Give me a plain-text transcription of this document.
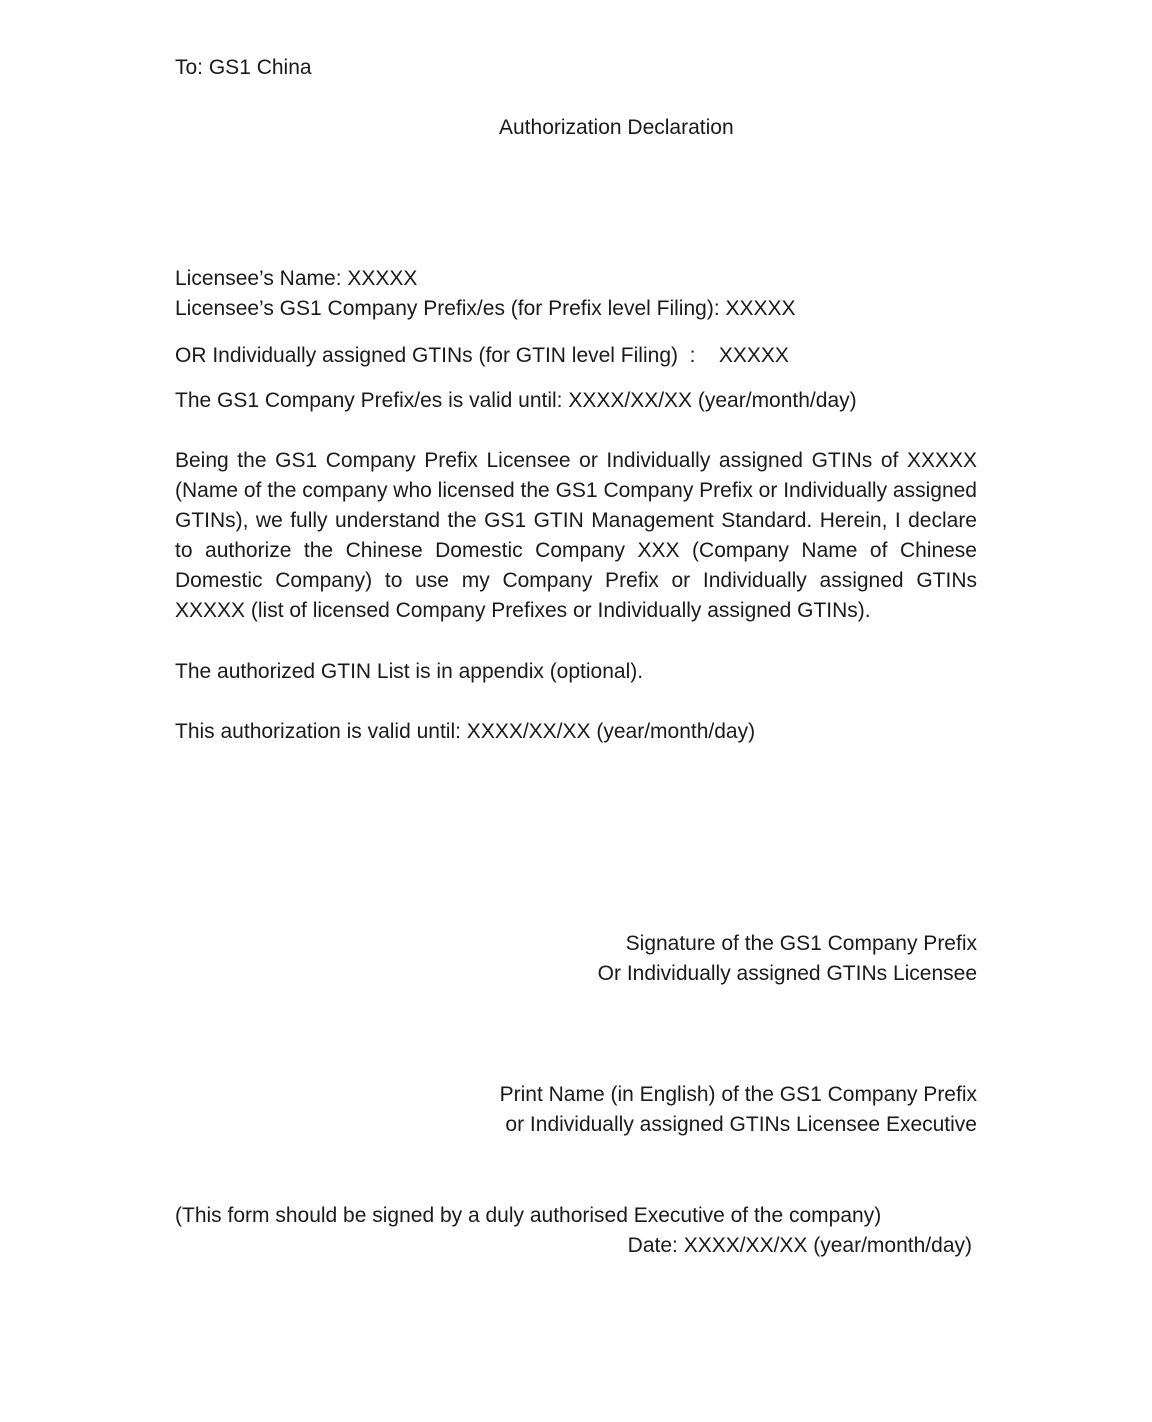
To: GS1 China
Authorization Declaration
Licensee’s Name: XXXXX
Licensee’s GS1 Company Prefix/es (for Prefix level Filing): XXXXX
OR Individually assigned GTINs (for GTIN level Filing)  :    XXXXX
The GS1 Company Prefix/es is valid until: XXXX/XX/XX (year/month/day)

Being the GS1 Company Prefix Licensee or Individually assigned GTINs of XXXXX (Name of the company who licensed the GS1 Company Prefix or Individually assigned GTINs), we fully understand the GS1 GTIN Management Standard. Herein, I declare to authorize the Chinese Domestic Company XXX (Company Name of Chinese Domestic Company) to use my Company Prefix or Individually assigned GTINs XXXXX (list of licensed Company Prefixes or Individually assigned GTINs).

The authorized GTIN List is in appendix (optional).
This authorization is valid until: XXXX/XX/XX (year/month/day)
Signature of the GS1 Company Prefix
Or Individually assigned GTINs Licensee
Print Name (in English) of the GS1 Company Prefix
or Individually assigned GTINs Licensee Executive
(This form should be signed by a duly authorised Executive of the company)
Date: XXXX/XX/XX (year/month/day)
